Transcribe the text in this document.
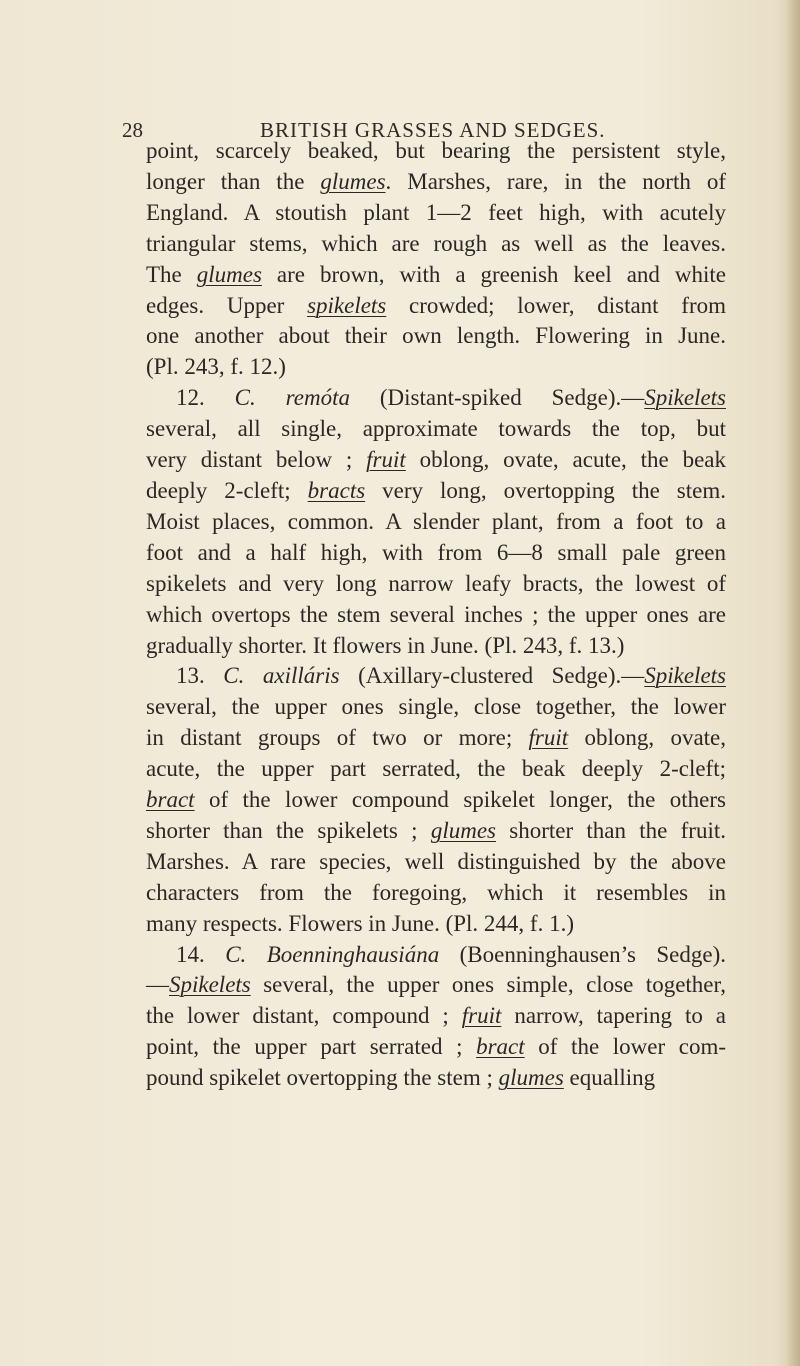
28	BRITISH GRASSES AND SEDGES.
point, scarcely beaked, but bearing the persistent style,
longer than the glumes. Marshes, rare, in the north of
England. A stoutish plant 1—2 feet high, with acutely
triangular stems, which are rough as well as the leaves.
The glumes are brown, with a greenish keel and white
edges. Upper spikelets crowded; lower, distant from
one another about their own length. Flowering in June.
(Pl. 243, f. 12.)
12. C. remóta (Distant-spiked Sedge).—Spikelets
several, all single, approximate towards the top, but
very distant below ; fruit oblong, ovate, acute, the beak
deeply 2-cleft; bracts very long, overtopping the stem.
Moist places, common. A slender plant, from a foot to a
foot and a half high, with from 6—8 small pale green
spikelets and very long narrow leafy bracts, the lowest of
which overtops the stem several inches ; the upper ones are
gradually shorter. It flowers in June. (Pl. 243, f. 13.)
13. C. axilláris (Axillary-clustered Sedge).—Spikelets
several, the upper ones single, close together, the lower
in distant groups of two or more; fruit oblong, ovate,
acute, the upper part serrated, the beak deeply 2-cleft;
bract of the lower compound spikelet longer, the others
shorter than the spikelets ; glumes shorter than the fruit.
Marshes. A rare species, well distinguished by the above
characters from the foregoing, which it resembles in
many respects. Flowers in June. (Pl. 244, f. 1.)
14. C. Boenninghausiána (Boenninghausen’s Sedge).
—Spikelets several, the upper ones simple, close together,
the lower distant, compound ; fruit narrow, tapering to a
point, the upper part serrated ; bract of the lower com-
pound spikelet overtopping the stem ; glumes equalling
